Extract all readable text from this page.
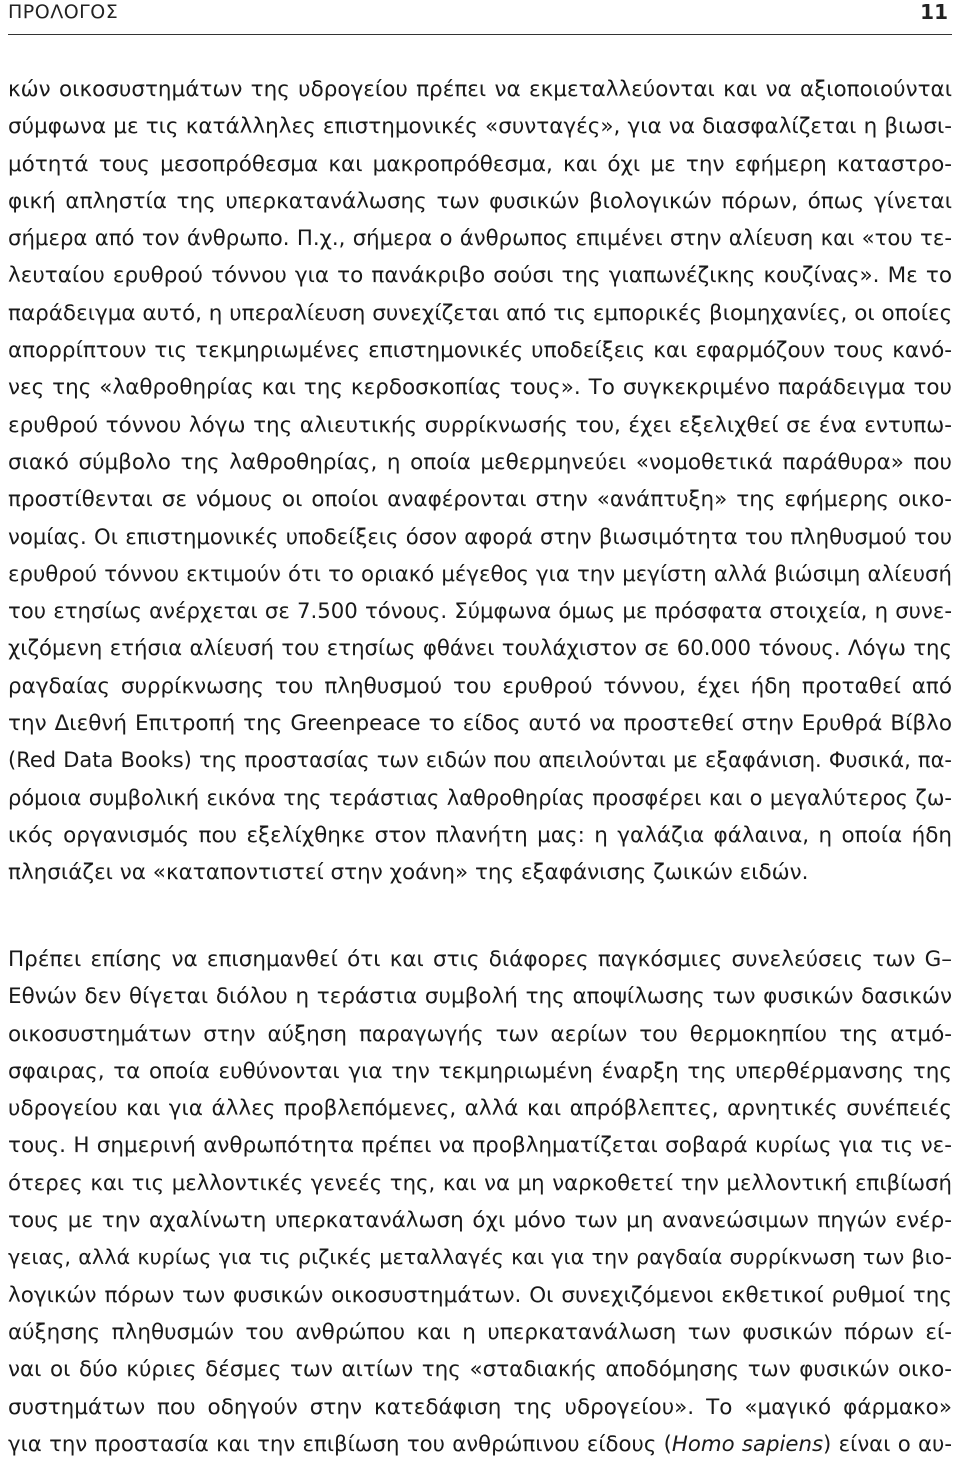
ΠΡΟΛΟΓΟΣ	11
κών οικοσυστημάτων της υδρογείου πρέπει να εκμεταλλεύονται και να αξιοποιούνται
σύμφωνα με τις κατάλληλες επιστημονικές «συνταγές», για να διασφαλίζεται η βιωσι-
μότητά τους μεσοπρόθεσμα και μακροπρόθεσμα, και όχι με την εφήμερη καταστρο-
φική απληστία της υπερκατανάλωσης των φυσικών βιολογικών πόρων, όπως γίνεται
σήμερα από τον άνθρωπο. Π.χ., σήμερα ο άνθρωπος επιμένει στην αλίευση και «του τε-
λευταίου ερυθρού τόννου για το πανάκριβο σούσι της γιαπωνέζικης κουζίνας». Με το
παράδειγμα αυτό, η υπεραλίευση συνεχίζεται από τις εμπορικές βιομηχανίες, οι οποίες
απορρίπτουν τις τεκμηριωμένες επιστημονικές υποδείξεις και εφαρμόζουν τους κανό-
νες της «λαθροθηρίας και της κερδοσκοπίας τους». Το συγκεκριμένο παράδειγμα του
ερυθρού τόννου λόγω της αλιευτικής συρρίκνωσής του, έχει εξελιχθεί σε ένα εντυπω-
σιακό σύμβολο της λαθροθηρίας, η οποία μεθερμηνεύει «νομοθετικά παράθυρα» που
προστίθενται σε νόμους οι οποίοι αναφέρονται στην «ανάπτυξη» της εφήμερης οικο-
νομίας. Οι επιστημονικές υποδείξεις όσον αφορά στην βιωσιμότητα του πληθυσμού του
ερυθρού τόννου εκτιμούν ότι το οριακό μέγεθος για την μεγίστη αλλά βιώσιμη αλίευσή
του ετησίως ανέρχεται σε 7.500 τόνους. Σύμφωνα όμως με πρόσφατα στοιχεία, η συνε-
χιζόμενη ετήσια αλίευσή του ετησίως φθάνει τουλάχιστον σε 60.000 τόνους. Λόγω της
ραγδαίας συρρίκνωσης του πληθυσμού του ερυθρού τόννου, έχει ήδη προταθεί από
την Διεθνή Επιτροπή της Greenpeace το είδος αυτό να προστεθεί στην Ερυθρά Βίβλο
(Red Data Books) της προστασίας των ειδών που απειλούνται με εξαφάνιση. Φυσικά, πα-
ρόμοια συμβολική εικόνα της τεράστιας λαθροθηρίας προσφέρει και ο μεγαλύτερος ζω-
ικός οργανισμός που εξελίχθηκε στον πλανήτη μας: η γαλάζια φάλαινα, η οποία ήδη
πλησιάζει να «καταποντιστεί στην χοάνη» της εξαφάνισης ζωικών ειδών.
Πρέπει επίσης να επισημανθεί ότι και στις διάφορες παγκόσμιες συνελεύσεις των G–
Εθνών δεν θίγεται διόλου η τεράστια συμβολή της αποψίλωσης των φυσικών δασικών
οικοσυστημάτων στην αύξηση παραγωγής των αερίων του θερμοκηπίου της ατμό-
σφαιρας, τα οποία ευθύνονται για την τεκμηριωμένη έναρξη της υπερθέρμανσης της
υδρογείου και για άλλες προβλεπόμενες, αλλά και απρόβλεπτες, αρνητικές συνέπειές
τους. Η σημερινή ανθρωπότητα πρέπει να προβληματίζεται σοβαρά κυρίως για τις νε-
ότερες και τις μελλοντικές γενεές της, και να μη ναρκοθετεί την μελλοντική επιβίωσή
τους με την αχαλίνωτη υπερκατανάλωση όχι μόνο των μη ανανεώσιμων πηγών ενέρ-
γειας, αλλά κυρίως για τις ριζικές μεταλλαγές και για την ραγδαία συρρίκνωση των βιο-
λογικών πόρων των φυσικών οικοσυστημάτων. Οι συνεχιζόμενοι εκθετικοί ρυθμοί της
αύξησης πληθυσμών του ανθρώπου και η υπερκατανάλωση των φυσικών πόρων εί-
ναι οι δύο κύριες δέσμες των αιτίων της «σταδιακής αποδόμησης των φυσικών οικο-
συστημάτων που οδηγούν στην κατεδάφιση της υδρογείου». Το «μαγικό φάρμακο»
για την προστασία και την επιβίωση του ανθρώπινου είδους (Homo sapiens) είναι ο αυ-
